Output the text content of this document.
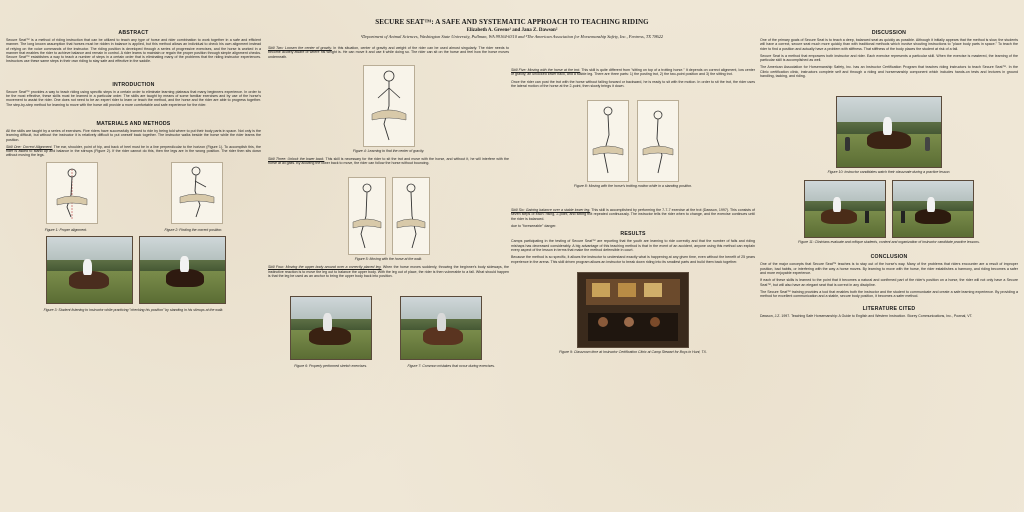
SECURE SEAT™: A SAFE AND SYSTEMATIC APPROACH TO TEACHING RIDING
Elizabeth A. Greene¹ and Jana Z. Dawson²
¹Department of Animal Sciences, Washington State University, Pullman, WA 99164-6310 and ²The American Association for Horsemanship Safety, Inc., Fentress, TX 78622
ABSTRACT

Secure Seat™ is a method of riding instruction that can be utilized to teach any type of horse and rider combination to work together in a safe and efficient manner. The long known assumption that horses must be ridden in balance is applied, but this method allows an individual to check his own alignment instead of relying on the voice commands of the instructor. The riding position is developed through a series of progressive exercises, and the horse is worked in a manner that enables the rider to achieve balance and remain in control. A rider learns to maintain or regain the proper position through simple alignment checks. Secure Seat™ establishes a way to teach a number of steps in a certain order that is eliminating many of the problems that the riding instructor experiences. Instructors use these same steps in their own riding to stay safe and effective in the saddle.

INTRODUCTION

Secure Seat™ provides a way to teach riding using specific steps in a certain order to eliminate learning plateaus that many beginners experience. In order to be the most effective, these skills must be learned in a particular order. The skills are taught by means of some familiar exercises and by use of the horse's movement to assist the rider. One does not need to be an expert rider to learn or teach the method, and the horse and the rider are able to progress together. The step-by-step method for learning to move with the horse will provide a more comfortable and safe experience for the rider.

MATERIALS AND METHODS

All the skills are taught by a series of exercises. Five riders have successfully learned to ride by being told where to put their body parts in space. Not only is the learning difficult, but without the instructor it is relatively difficult to put oneself back together. The instructor walks beside the horse while the rider learns the position.

Skill One: Correct Alignment. The ear, shoulder, point of hip, and back of heel must be in a line perpendicular to the horizon (Figure 1). To accomplish this, the rider is asked to stand up and balance in the stirrups (Figure 2). If the rider cannot do this, then the legs are in the wrong position. The rider then sits down without moving the legs.

Figure 1: Proper alignment.	Figure 2: Finding the correct position.
Figure 3: Student listening to instructor while practicing "checking his position" by standing in his stirrups at the walk.

Skill Two: Loosen the center of gravity. In this situation, center of gravity and weight of the rider can be used almost singularly. The rider needs to become acutely aware of where his weight is. He can move it and use it while doing so. The rider can sit on the horse and feel how the horse moves underneath.

Figure 4: Learning to find the center of gravity.

Skill Three: Unlock the lower back. This skill is necessary for the rider to sit the trot and move with the horse, and without it, he will interfere with the horse at all gaits. By allowing the lower back to move, the rider can follow the horse without bouncing.

Figure 5: Moving with the horse at the walk.

Skill Four: Moving the upper body around over a correctly placed leg. When the horse moves suddenly, throwing the beginner's body sideways, the instinctive reaction is to move the leg out to balance the upper body. With the leg out of place, the rider is then vulnerable to a fall. What should happen is that the leg be used as an anchor to bring the upper body back into position.

Figure 6: Properly performed stretch exercises.	Figure 7: Common mistakes that occur during exercises.

Skill Five: Moving with the horse at the trot. This skill is quite different from "sitting on top of a trotting horse." It depends on correct alignment, low center of gravity, an unlocked lower back, and a stable leg. There are three parts: 1) the posting trot, 2) the two-point position and 3) the sitting trot.

Once the rider can post the trot with the horse without falling forward or backward, he is ready to sit with the motion. In order to sit the trot, the rider uses the lateral motion of the horse at the 2-point, then slowly brings it down.

Figure 8: Moving with the horse's trotting motion while in a standing position.

Skill Six: Gaining balance over a stable lower leg. This skill is accomplished by performing the 7-7-7 exercise at the trot (Dawson, 1997). This consists of seven steps of each: rising, 2-point, and sitting trot repeated continuously. The instructor tells the rider when to change, and the exercise continues until the rider is balanced.

due to "foreseeable" danger.

RESULTS

Camps participating in the testing of Secure Seat™ are reporting that the youth are learning to ride correctly and that the number of falls and riding mishaps has decreased considerably. A big advantage of this teaching method is that in the event of an accident, anyone using this method can explain every aspect of the lesson in terms that make the method defensible in court.

Because the method is so specific, it allows the instructor to understand exactly what is happening at any given time, even without the benefit of 25 years experience in the arena. This skill driven program allows an instructor to break down riding into its smallest parts and build them back together.

Figure 9: Classroom time at Instructor Certification Clinic at Camp Stewart for Boys in Hunt, TX.
DISCUSSION

One of the primary goals of Secure Seat is to teach a deep, balanced seat as quickly as possible. Although it initially appears that the method is slow, the students will have a correct, secure seat much more quickly than with traditional methods which involve shouting instructions to "place body parts in space." To teach the rider to find a position and actually have a problem with stiffness. That stiffness of the body places the student at risk of a fall.

Secure Seat is a method that empowers both instructor and rider. Each exercise represents a particular skill. When the exercise is mastered, the learning of the particular skill is accomplished as well.

The American Association for Horsemanship Safety, Inc. has an Instructor Certification Program that teaches riding instructors to teach Secure Seat™. In the Clinic certification clinic, instructors complete self and through a riding and horsemanship component which includes hands-on tests and lectures in ground handling, tacking, and riding.

Figure 10: Instructor candidates watch their classmate during a practice lesson.
Figure 11: Clinicians evaluate and critique students, content and organization of instructor candidate practice lessons.
CONCLUSION

One of the major concepts that Secure Seat™ teaches is to stay out of the horse's way. Many of the problems that riders encounter are a result of improper position, bad habits, or interfering with the way a horse moves. By learning to move with the horse, the rider establishes a harmony, and riding becomes a safer and more enjoyable experience.

If each of these skills is learned to the point that it becomes a natural and confirmed part of the rider's position on a horse, the rider will not only have a Secure Seat™, but will also have an elegant seat that is correct in any discipline.

The Secure Seat™ training provides a tool that enables both the instructor and the student to communicate and create a safe learning experience. By providing a method for excellent communication and a stable, secure body position, it becomes a safer method.

LITERATURE CITED

Dawson, J.Z. 1997. Teaching Safe Horsemanship: A Guide to English and Western Instruction. Storey Communications, Inc., Pownal, VT.
